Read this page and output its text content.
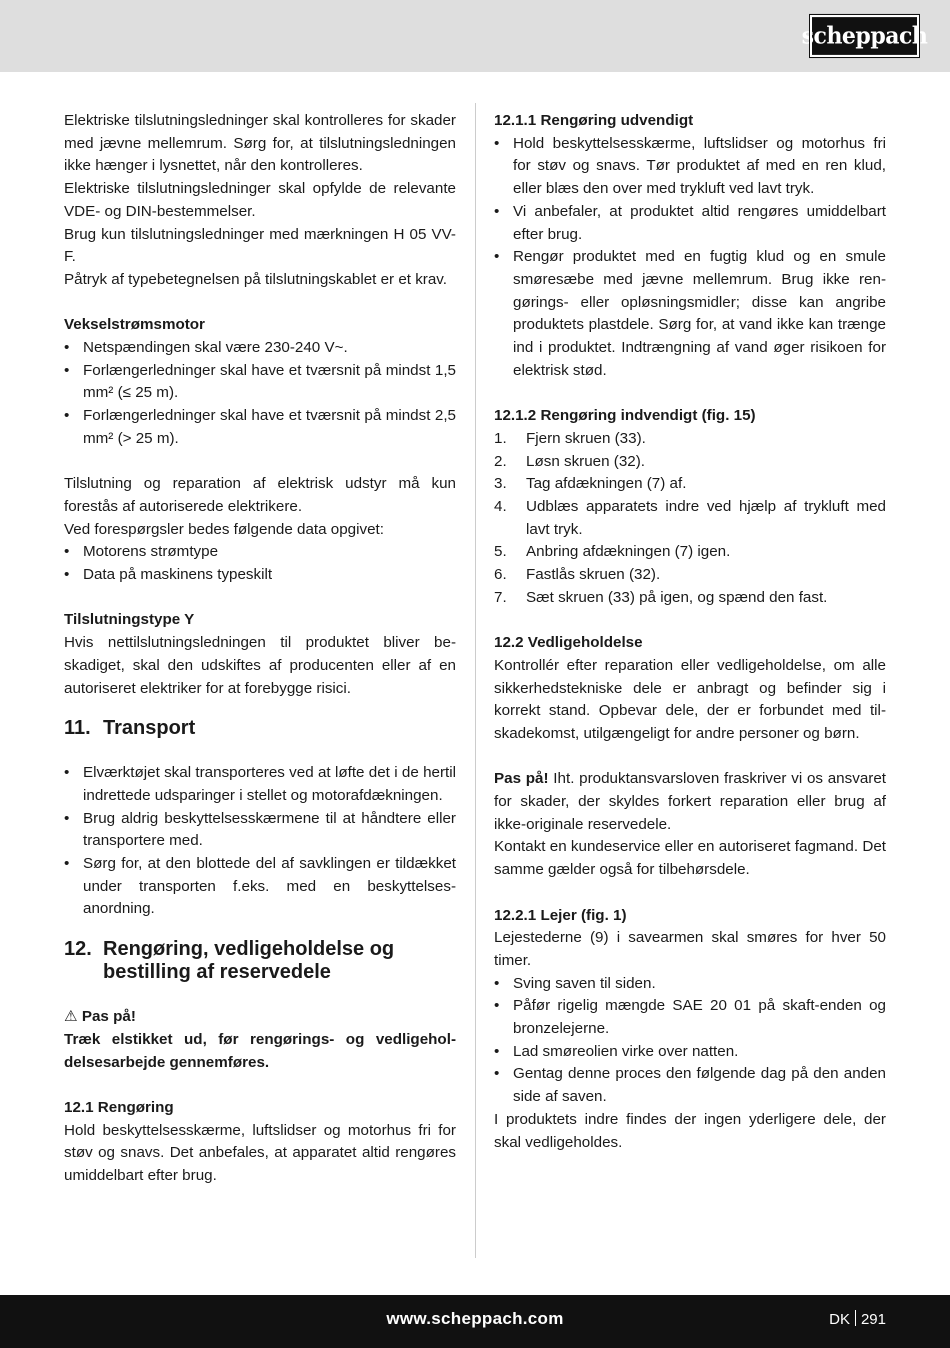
scheppach

Elektriske tilslutningsledninger skal kontrolleres for skader med jævne mellemrum. Sørg for, at tilslutningsledningen ikke hænger i lysnettet, når den kontrolleres.

Elektriske tilslutningsledninger skal opfylde de relevante VDE- og DIN-bestemmelser.

Brug kun tilslutningsledninger med mærkningen H 05 VV-F.

Påtryk af typebetegnelsen på tilslutningskablet er et krav.

Vekselstrømsmotor

• Netspændingen skal være 230-240 V~.
• Forlængerledninger skal have et tværsnit på mindst 1,5 mm² (≤ 25 m).
• Forlængerledninger skal have et tværsnit på mindst 2,5 mm² (> 25 m).

Tilslutning og reparation af elektrisk udstyr må kun forestås af autoriserede elektrikere.

Ved forespørgsler bedes følgende data opgivet:

• Motorens strømtype
• Data på maskinens typeskilt

Tilslutningstype Y

Hvis nettilslutningsledningen til produktet bliver beskadiget, skal den udskiftes af producenten eller af en autoriseret elektriker for at forebygge risici.

11. Transport
• Elværktøjet skal transporteres ved at løfte det i de hertil indrettede udsparinger i stellet og motorafdækningen.
• Brug aldrig beskyttelsesskærmene til at håndtere eller transportere med.
• Sørg for, at den blottede del af savklingen er tildækket under transporten f.eks. med en beskyttelsesanordning.
12. Rengøring, vedligeholdelse og bestilling af reservedele

⚠ Pas på!

Træk elstikket ud, før rengørings- og vedligeholdelsesarbejde gennemføres.

12.1 Rengøring

Hold beskyttelsesskærme, luftslidser og motorhus fri for støv og snavs. Det anbefales, at apparatet altid rengøres umiddelbart efter brug.

12.1.1 Rengøring udvendigt

• Hold beskyttelsesskærme, luftslidser og motorhus fri for støv og snavs. Tør produktet af med en ren klud, eller blæs den over med trykluft ved lavt tryk.
• Vi anbefaler, at produktet altid rengøres umiddelbart efter brug.
• Rengør produktet med en fugtig klud og en smule smøresæbe med jævne mellemrum. Brug ikke rengørings- eller opløsningsmidler; disse kan angribe produktets plastdele. Sørg for, at vand ikke kan trænge ind i produktet. Indtrængning af vand øger risikoen for elektrisk stød.

12.1.2 Rengøring indvendigt (fig. 15)

1. Fjern skruen (33).
2. Løsn skruen (32).
3. Tag afdækningen (7) af.
4. Udblæs apparatets indre ved hjælp af trykluft med lavt tryk.
5. Anbring afdækningen (7) igen.
6. Fastlås skruen (32).
7. Sæt skruen (33) på igen, og spænd den fast.

12.2 Vedligeholdelse

Kontrollér efter reparation eller vedligeholdelse, om alle sikkerhedstekniske dele er anbragt og befinder sig i korrekt stand. Opbevar dele, der er forbundet med tilskadekomst, utilgængeligt for andre personer og børn.

Pas på! Iht. produktansvarsloven fraskriver vi os ansvaret for skader, der skyldes forkert reparation eller brug af ikke-originale reservedele.

Kontakt en kundeservice eller en autoriseret fagmand. Det samme gælder også for tilbehørsdele.

12.2.1 Lejer (fig. 1)

Lejestederne (9) i savearmen skal smøres for hver 50 timer.

• Sving saven til siden.
• Påfør rigelig mængde SAE 20 01 på skaft-enden og bronzelejerne.
• Lad smøreolien virke over natten.
• Gentag denne proces den følgende dag på den anden side af saven.

I produktets indre findes der ingen yderligere dele, der skal vedligeholdes.

www.scheppach.com	DK 291
